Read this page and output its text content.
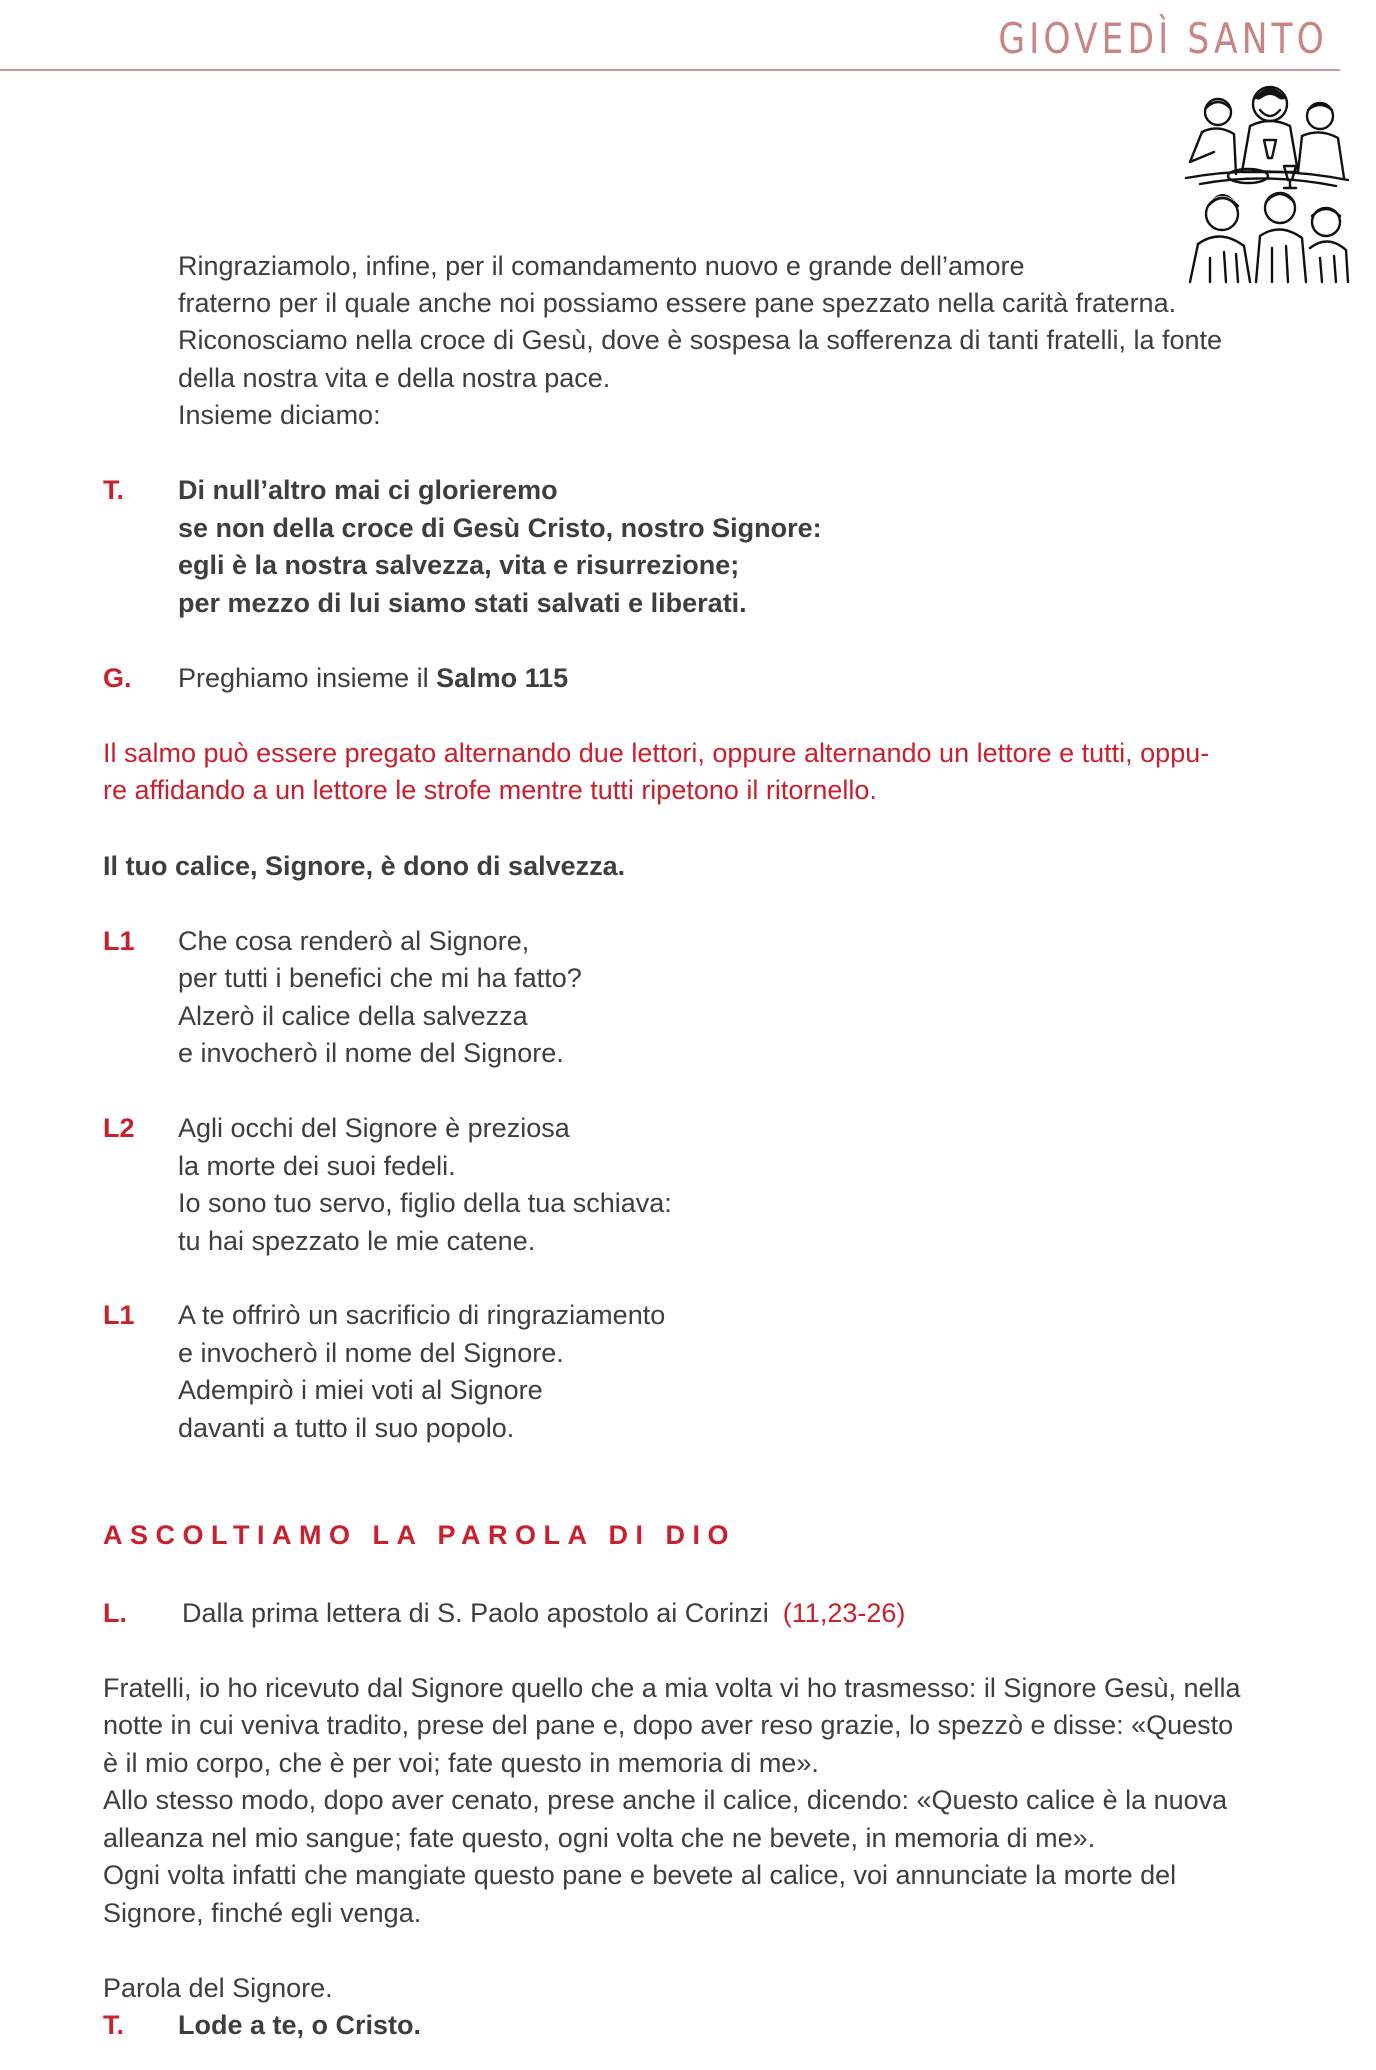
GIOVEDÌ SANTO

Ringraziamolo, infine, per il comandamento nuovo e grande dell’amore

fraterno per il quale anche noi possiamo essere pane spezzato nella carità fraterna.

Riconosciamo nella croce di Gesù, dove è sospesa la sofferenza di tanti fratelli, la fonte

della nostra vita e della nostra pace.

Insieme diciamo:

T. Di null’altro mai ci glorieremo

se non della croce di Gesù Cristo, nostro Signore:

egli è la nostra salvezza, vita e risurrezione;

per mezzo di lui siamo stati salvati e liberati.

G. Preghiamo insieme il Salmo 115

Il salmo può essere pregato alternando due lettori, oppure alternando un lettore e tutti, oppu-

re affidando a un lettore le strofe mentre tutti ripetono il ritornello.

Il tuo calice, Signore, è dono di salvezza.

L1 Che cosa renderò al Signore,

per tutti i benefici che mi ha fatto?

Alzerò il calice della salvezza

e invocherò il nome del Signore.

L2 Agli occhi del Signore è preziosa

la morte dei suoi fedeli.

Io sono tuo servo, figlio della tua schiava:

tu hai spezzato le mie catene.

L1 A te offrirò un sacrificio di ringraziamento

e invocherò il nome del Signore.

Adempirò i miei voti al Signore

davanti a tutto il suo popolo.

ASCOLTIAMO LA PAROLA DI DIO
L. Dalla prima lettera di S. Paolo apostolo ai Corinzi (11,23-26)

Fratelli, io ho ricevuto dal Signore quello che a mia volta vi ho trasmesso: il Signore Gesù, nella

notte in cui veniva tradito, prese del pane e, dopo aver reso grazie, lo spezzò e disse: «Questo

è il mio corpo, che è per voi; fate questo in memoria di me».

Allo stesso modo, dopo aver cenato, prese anche il calice, dicendo: «Questo calice è la nuova

alleanza nel mio sangue; fate questo, ogni volta che ne bevete, in memoria di me».

Ogni volta infatti che mangiate questo pane e bevete al calice, voi annunciate la morte del

Signore, finché egli venga.

Parola del Signore.

T. Lode a te, o Cristo.
